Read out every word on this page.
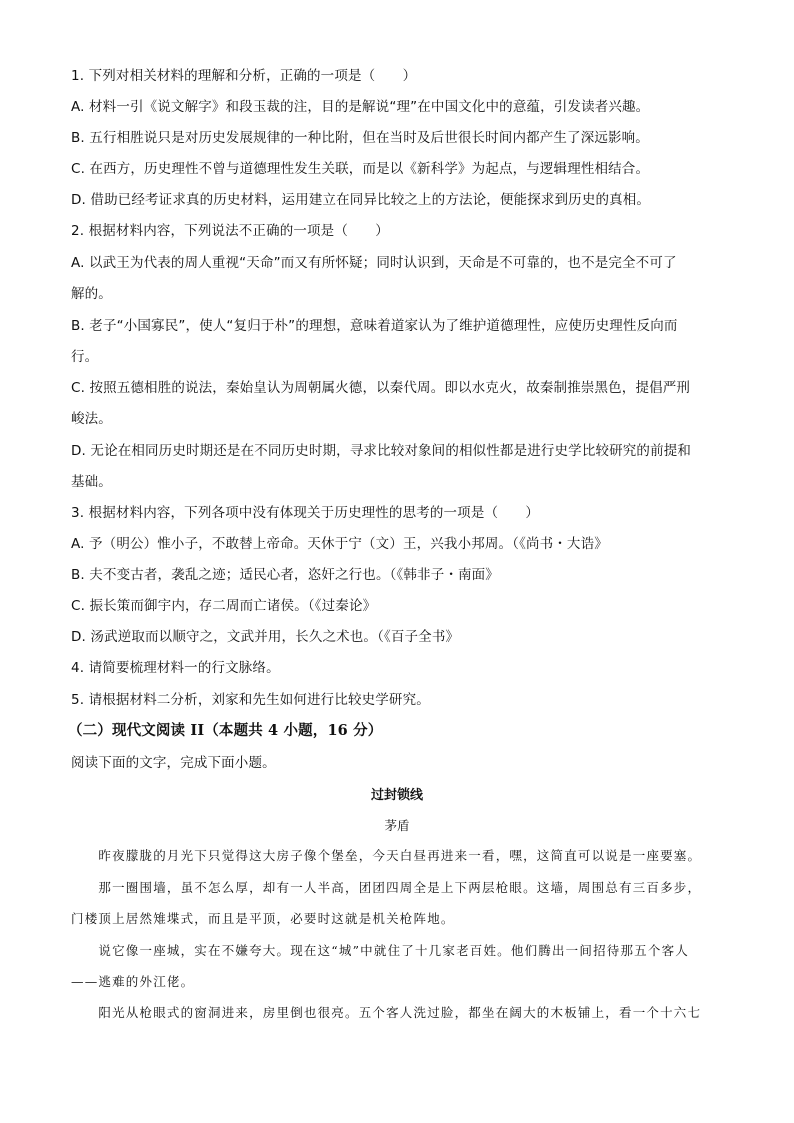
1. 下列对相关材料的理解和分析，正确的一项是（　　）
A. 材料一引《说文解字》和段玉裁的注，目的是解说“理”在中国文化中的意蕴，引发读者兴趣。
B. 五行相胜说只是对历史发展规律的一种比附，但在当时及后世很长时间内都产生了深远影响。
C. 在西方，历史理性不曾与道德理性发生关联，而是以《新科学》为起点，与逻辑理性相结合。
D. 借助已经考证求真的历史材料，运用建立在同异比较之上的方法论，便能探求到历史的真相。
2. 根据材料内容，下列说法不正确的一项是（　　）
A. 以武王为代表的周人重视“天命”而又有所怀疑；同时认识到，天命是不可靠的，也不是完全不可了
解的。
B. 老子“小国寡民”，使人“复归于朴”的理想，意味着道家认为了维护道德理性，应使历史理性反向而
行。
C. 按照五德相胜的说法，秦始皇认为周朝属火德，以秦代周。即以水克火，故秦制推崇黑色，提倡严刑
峻法。
D. 无论在相同历史时期还是在不同历史时期，寻求比较对象间的相似性都是进行史学比较研究的前提和
基础。
3. 根据材料内容，下列各项中没有体现关于历史理性的思考的一项是（　　）
A. 予（明公）惟小子，不敢替上帝命。天休于宁（文）王，兴我小邦周。（《尚书・大诰》
B. 夫不变古者，袭乱之迹；适民心者，恣奸之行也。（《韩非子・南面》
C. 振长策而御宇内，存二周而亡诸侯。（《过秦论》
D. 汤武逆取而以顺守之，文武并用，长久之术也。（《百子全书》
4. 请简要梳理材料一的行文脉络。
5. 请根据材料二分析，刘家和先生如何进行比较史学研究。
（二）现代文阅读 II（本题共 4 小题，16 分）
阅读下面的文字，完成下面小题。
过封锁线
茅盾
　　昨夜朦胧的月光下只觉得这大房子像个堡垒，今天白昼再进来一看，嘿，这简直可以说是一座要塞。
　　那一圈围墙，虽不怎么厚，却有一人半高，团团四周全是上下两层枪眼。这墙，周围总有三百多步，
门楼顶上居然雉堞式，而且是平顶，必要时这就是机关枪阵地。
　　说它像一座城，实在不嫌夸大。现在这“城”中就住了十几家老百姓。他们腾出一间招待那五个客人
——逃难的外江佬。
　　阳光从枪眼式的窗洞进来，房里倒也很亮。五个客人洗过脸，都坐在阔大的木板铺上，看一个十六七
